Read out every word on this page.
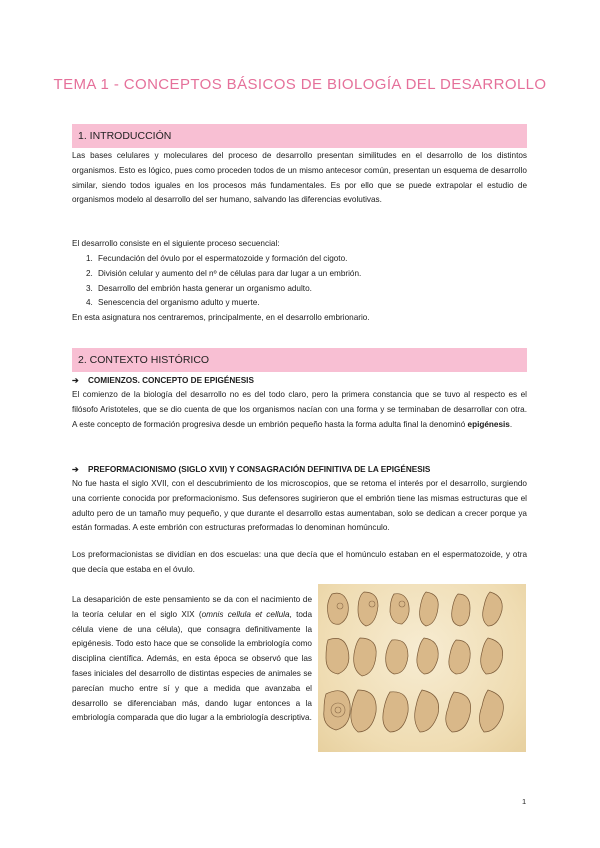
TEMA 1 - CONCEPTOS BÁSICOS DE BIOLOGÍA DEL DESARROLLO
1. INTRODUCCIÓN

Las bases celulares y moleculares del proceso de desarrollo presentan similitudes en el desarrollo de los distintos organismos. Esto es lógico, pues como proceden todos de un mismo antecesor común, presentan un esquema de desarrollo similar, siendo todos iguales en los procesos más fundamentales. Es por ello que se puede extrapolar el estudio de organismos modelo al desarrollo del ser humano, salvando las diferencias evolutivas.

El desarrollo consiste en el siguiente proceso secuencial:

1. Fecundación del óvulo por el espermatozoide y formación del cigoto.
2. División celular y aumento del nº de células para dar lugar a un embrión.
3. Desarrollo del embrión hasta generar un organismo adulto.
4. Senescencia del organismo adulto y muerte.

En esta asignatura nos centraremos, principalmente, en el desarrollo embrionario.

2. CONTEXTO HISTÓRICO
➔ COMIENZOS. CONCEPTO DE EPIGÉNESIS

El comienzo de la biología del desarrollo no es del todo claro, pero la primera constancia que se tuvo al respecto es el filósofo Aristoteles, que se dio cuenta de que los organismos nacían con una forma y se terminaban de desarrollar con otra. A este concepto de formación progresiva desde un embrión pequeño hasta la forma adulta final la denominó epigénesis.

➔ PREFORMACIONISMO (SIGLO XVII) Y CONSAGRACIÓN DEFINITIVA DE LA EPIGÉNESIS

No fue hasta el siglo XVII, con el descubrimiento de los microscopios, que se retoma el interés por el desarrollo, surgiendo una corriente conocida por preformacionismo. Sus defensores sugirieron que el embrión tiene las mismas estructuras que el adulto pero de un tamaño muy pequeño, y que durante el desarrollo estas aumentaban, solo se dedican a crecer porque ya están formadas. A este embrión con estructuras preformadas lo denominan homúnculo.

Los preformacionistas se dividían en dos escuelas: una que decía que el homúnculo estaban en el espermatozoide, y otra que decía que estaba en el óvulo.

La desaparición de este pensamiento se da con el nacimiento de la teoría celular en el siglo XIX (omnis cellula et cellula, toda célula viene de una célula), que consagra definitivamente la epigénesis. Todo esto hace que se consolide la embriología como disciplina científica. Además, en esta época se observó que las fases iniciales del desarrollo de distintas especies de animales se parecían mucho entre sí y que a medida que avanzaba el desarrollo se diferenciaban más, dando lugar entonces a la embriología comparada que dio lugar a la embriología descriptiva.

1
